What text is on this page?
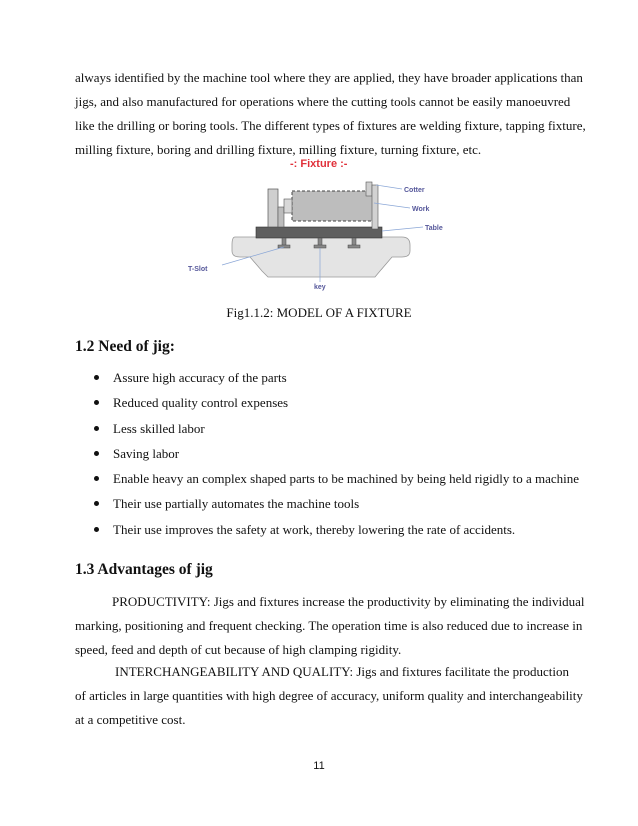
always identified by the machine tool where they are applied, they have broader applications than
jigs, and also manufactured for operations where the cutting tools cannot be easily manoeuvred
like the drilling or boring tools. The different types of fixtures are welding fixture, tapping fixture,
milling fixture, boring and drilling fixture, milling fixture, turning fixture, etc.
-: Fixture :-
Cotter
Work
Table
T-Slot
key
Fig1.1.2: MODEL OF A FIXTURE
1.2 Need of jig:
Assure high accuracy of the parts
Reduced quality control expenses
Less skilled labor
Saving labor
Enable heavy an complex shaped parts to be machined by being held rigidly to a machine
Their use partially automates the machine tools
Their use improves the safety at work, thereby lowering the rate of accidents.
1.3 Advantages of jig
PRODUCTIVITY: Jigs and fixtures increase the productivity by eliminating the individual
marking, positioning and frequent checking. The operation time is also reduced due to increase in
speed, feed and depth of cut because of high clamping rigidity.
INTERCHANGEABILITY AND QUALITY: Jigs and fixtures facilitate the production
of articles in large quantities with high degree of accuracy, uniform quality and interchangeability
at a competitive cost.
11
